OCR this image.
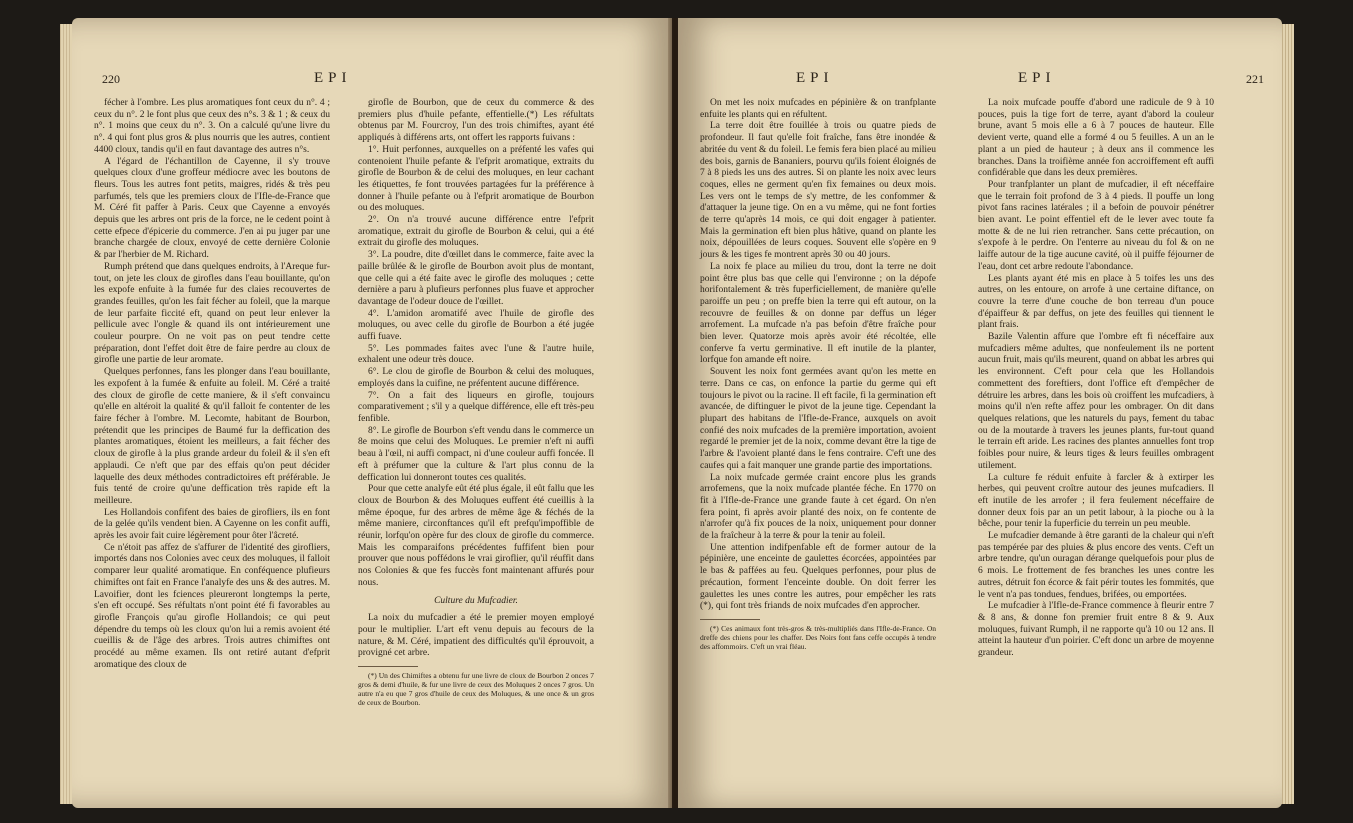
220	EPI

fécher à l'ombre. Les plus aromatiques font ceux du n°. 4 ; ceux du n°. 2 le font plus que ceux des n°s. 3 & 1 ; & ceux du n°. 1 moins que ceux du n°. 3. On a calculé qu'une livre du n°. 4 qui font plus gros & plus nourris que les autres, contient 4400 cloux, tandis qu'il en faut davantage des autres n°s.

A l'égard de l'échantillon de Cayenne, il s'y trouve quelques cloux d'une groffeur médiocre avec les boutons de fleurs. Tous les autres font petits, maigres, ridés & très peu parfumés, tels que les premiers cloux de l'Ifle-de-France que M. Céré fit paffer à Paris. Ceux que Cayenne a envoyés depuis que les arbres ont pris de la force, ne le cedent point à cette efpece d'épicerie du commerce. J'en ai pu juger par une branche chargée de cloux, envoyé de cette dernière Colonie & par l'herbier de M. Richard.

Rumph prétend que dans quelques endroits, à l'Areque fur-tout, on jete les cloux de girofles dans l'eau bouillante, qu'on les expofe enfuite à la fumée fur des claies recouvertes de grandes feuilles, qu'on les fait fécher au foleil, que la marque de leur parfaite ficcité eft, quand on peut leur enlever la pellicule avec l'ongle & quand ils ont intérieurement une couleur pourpre. On ne voit pas on peut tendre cette préparation, dont l'effet doit être de faire perdre au cloux de girofle une partie de leur aromate.

Quelques perfonnes, fans les plonger dans l'eau bouillante, les expofent à la fumée & enfuite au foleil. M. Céré a traité des cloux de girofle de cette maniere, & il s'eft convaincu qu'elle en altéroit la qualité & qu'il falloit fe contenter de les faire fécher à l'ombre. M. Lecomte, habitant de Bourbon, prétendit que les principes de Baumé fur la deffication des plantes aromatiques, étoient les meilleurs, a fait fécher des cloux de girofle à la plus grande ardeur du foleil & il s'en eft applaudi. Ce n'eft que par des effais qu'on peut décider laquelle des deux méthodes contradictoires eft préférable. Je fuis tenté de croire qu'une deffication très rapide eft la meilleure.

Les Hollandois confifent des baies de girofliers, ils en font de la gelée qu'ils vendent bien. A Cayenne on les confit auffi, après les avoir fait cuire légèrement pour ôter l'âcreté.

Ce n'étoit pas affez de s'affurer de l'identité des girofliers, importés dans nos Colonies avec ceux des moluques, il falloit comparer leur qualité aromatique. En conféquence plufieurs chimiftes ont fait en France l'analyfe des uns & des autres. M. Lavoifier, dont les fciences pleureront longtemps la perte, s'en eft occupé. Ses réfultats n'ont point été fi favorables au girofle François qu'au girofle Hollandois; ce qui peut dépendre du temps où les cloux qu'on lui a remis avoient été cueillis & de l'âge des arbres. Trois autres chimiftes ont procédé au même examen. Ils ont retiré autant d'efprit aromatique des cloux de

girofle de Bourbon, que de ceux du commerce & des premiers plus d'huile pefante, effentielle.(*) Les réfultats obtenus par M. Fourcroy, l'un des trois chimiftes, ayant été appliqués à différens arts, ont offert les rapports fuivans :

1°. Huit perfonnes, auxquelles on a préfenté les vafes qui contenoient l'huile pefante & l'efprit aromatique, extraits du girofle de Bourbon & de celui des moluques, en leur cachant les étiquettes, fe font trouvées partagées fur la préférence à donner à l'huile pefante ou à l'efprit aromatique de Bourbon ou des moluques.

2°. On n'a trouvé aucune différence entre l'efprit aromatique, extrait du girofle de Bourbon & celui, qui a été extrait du girofle des moluques.

3°. La poudre, dite d'œillet dans le commerce, faite avec la paille brûlée & le girofle de Bourbon avoit plus de montant, que celle qui a été faite avec le girofle des moluques ; cette dernière a paru à plufieurs perfonnes plus fuave et approcher davantage de l'odeur douce de l'œillet.

4°. L'amidon aromatifé avec l'huile de girofle des moluques, ou avec celle du girofle de Bourbon a été jugée auffi fuave.

5°. Les pommades faites avec l'une & l'autre huile, exhalent une odeur très douce.

6°. Le clou de girofle de Bourbon & celui des moluques, employés dans la cuifine, ne préfentent aucune différence.

7°. On a fait des liqueurs en girofle, toujours comparativement ; s'il y a quelque différence, elle eft très-peu fenfible.

8°. Le girofle de Bourbon s'eft vendu dans le commerce un 8e moins que celui des Moluques. Le premier n'eft ni auffi beau à l'œil, ni auffi compact, ni d'une couleur auffi foncée. Il eft à préfumer que la culture & l'art plus connu de la deffication lui donneront toutes ces qualités.

Pour que cette analyfe eût été plus égale, il eût fallu que les cloux de Bourbon & des Moluques euffent été cueillis à la même époque, fur des arbres de même âge & féchés de la même maniere, circonftances qu'il eft prefqu'impoffible de réunir, lorfqu'on opère fur des cloux de girofle du commerce. Mais les comparaifons précédentes fuffifent bien pour prouver que nous poffédons le vrai giroflier, qu'il réuffit dans nos Colonies & que fes fuccès font maintenant affurés pour nous.

Culture du Mufcadier.

La noix du mufcadier a été le premier moyen employé pour le multiplier. L'art eft venu depuis au fecours de la nature, & M. Céré, impatient des difficultés qu'il éprouvoit, a provigné cet arbre.

(*) Un des Chimiftes a obtenu fur une livre de cloux de Bourbon 2 onces 7 gros & demi d'huile, & fur une livre de ceux des Moluques 2 onces 7 gros. Un autre n'a eu que 7 gros d'huile de ceux des Moluques, & une once & un gros de ceux de Bourbon.

EPI	EPI	221

On met les noix mufcades en pépinière & on tranfplante enfuite les plants qui en réfultent.

La terre doit être fouillée à trois ou quatre pieds de profondeur. Il faut qu'elle foit fraîche, fans être inondée & abritée du vent & du foleil. Le femis fera bien placé au milieu des bois, garnis de Bananiers, pourvu qu'ils foient éloignés de 7 à 8 pieds les uns des autres. Si on plante les noix avec leurs coques, elles ne germent qu'en fix femaines ou deux mois. Les vers ont le temps de s'y mettre, de les confommer & d'attaquer la jeune tige. On en a vu même, qui ne font forties de terre qu'après 14 mois, ce qui doit engager à patienter. Mais la germination eft bien plus hâtive, quand on plante les noix, dépouillées de leurs coques. Souvent elle s'opère en 9 jours & les tiges fe montrent après 30 ou 40 jours.

La noix fe place au milieu du trou, dont la terre ne doit point être plus bas que celle qui l'environne ; on la dépofe horifontalement & très fuperficiellement, de manière qu'elle paroiffe un peu ; on preffe bien la terre qui eft autour, on la recouvre de feuilles & on donne par deffus un léger arrofement. La mufcade n'a pas befoin d'être fraîche pour bien lever. Quatorze mois après avoir été récoltée, elle conferve fa vertu germinative. Il eft inutile de la planter, lorfque fon amande eft noire.

Souvent les noix font germées avant qu'on les mette en terre. Dans ce cas, on enfonce la partie du germe qui eft toujours le pivot ou la racine. Il eft facile, fi la germination eft avancée, de diftinguer le pivot de la jeune tige. Cependant la plupart des habitans de l'Ifle-de-France, auxquels on avoit confié des noix mufcades de la première importation, avoient regardé le premier jet de la noix, comme devant être la tige de l'arbre & l'avoient planté dans le fens contraire. C'eft une des caufes qui a fait manquer une grande partie des importations.

La noix mufcade germée craint encore plus les grands arrofemens, que la noix mufcade plantée féche. En 1770 on fit à l'Ifle-de-France une grande faute à cet égard. On n'en fera point, fi après avoir planté des noix, on fe contente de n'arrofer qu'à fix pouces de la noix, uniquement pour donner de la fraîcheur à la terre & pour la tenir au foleil.

Une attention indifpenfable eft de former autour de la pépinière, une enceinte de gaulettes écorcées, appointées par le bas & paffées au feu. Quelques perfonnes, pour plus de précaution, forment l'enceinte double. On doit ferrer les gaulettes les unes contre les autres, pour empêcher les rats (*), qui font très friands de noix mufcades d'en approcher.

(*) Ces animaux font très-gros & très-multipliés dans l'Ifle-de-France. On dreffe des chiens pour les chaffer. Des Noirs font fans ceffe occupés à tendre des affommoirs. C'eft un vrai fléau.

La noix mufcade pouffe d'abord une radicule de 9 à 10 pouces, puis la tige fort de terre, ayant d'abord la couleur brune, avant 5 mois elle a 6 à 7 pouces de hauteur. Elle devient verte, quand elle a formé 4 ou 5 feuilles. A un an le plant a un pied de hauteur ; à deux ans il commence les branches. Dans la troifième année fon accroiffement eft auffi confidérable que dans les deux premières.

Pour tranfplanter un plant de mufcadier, il eft néceffaire que le terrain foit profond de 3 à 4 pieds. Il pouffe un long pivot fans racines latérales ; il a befoin de pouvoir pénétrer bien avant. Le point effentiel eft de le lever avec toute fa motte & de ne lui rien retrancher. Sans cette précaution, on s'expofe à le perdre. On l'enterre au niveau du fol & on ne laiffe autour de la tige aucune cavité, où il puiffe féjourner de l'eau, dont cet arbre redoute l'abondance.

Les plants ayant été mis en place à 5 toifes les uns des autres, on les entoure, on arrofe à une certaine diftance, on couvre la terre d'une couche de bon terreau d'un pouce d'épaiffeur & par deffus, on jete des feuilles qui tiennent le plant frais.

Bazile Valentin affure que l'ombre eft fi néceffaire aux mufcadiers même adultes, que nonfeulement ils ne portent aucun fruit, mais qu'ils meurent, quand on abbat les arbres qui les environnent. C'eft pour cela que les Hollandois commettent des foreftiers, dont l'office eft d'empêcher de détruire les arbres, dans les bois où croiffent les mufcadiers, à moins qu'il n'en refte affez pour les ombrager. On dit dans quelques relations, que les naturels du pays, fement du tabac ou de la moutarde à travers les jeunes plants, fur-tout quand le terrain eft aride. Les racines des plantes annuelles font trop foibles pour nuire, & leurs tiges & leurs feuilles ombragent utilement.

La culture fe réduit enfuite à farcler & à extirper les herbes, qui peuvent croître autour des jeunes mufcadiers. Il eft inutile de les arrofer ; il fera feulement néceffaire de donner deux fois par an un petit labour, à la pioche ou à la bêche, pour tenir la fuperficie du terrein un peu meuble.

Le mufcadier demande à être garanti de la chaleur qui n'eft pas tempérée par des pluies & plus encore des vents. C'eft un arbre tendre, qu'un ouragan dérange quelquefois pour plus de 6 mois. Le frottement de fes branches les unes contre les autres, détruit fon écorce & fait périr toutes les fommités, que le vent n'a pas tondues, fendues, brifées, ou emportées.

Le mufcadier à l'Ifle-de-France commence à fleurir entre 7 & 8 ans, & donne fon premier fruit entre 8 & 9. Aux moluques, fuivant Rumph, il ne rapporte qu'à 10 ou 12 ans. Il atteint la hauteur d'un poirier. C'eft donc un arbre de moyenne grandeur.
